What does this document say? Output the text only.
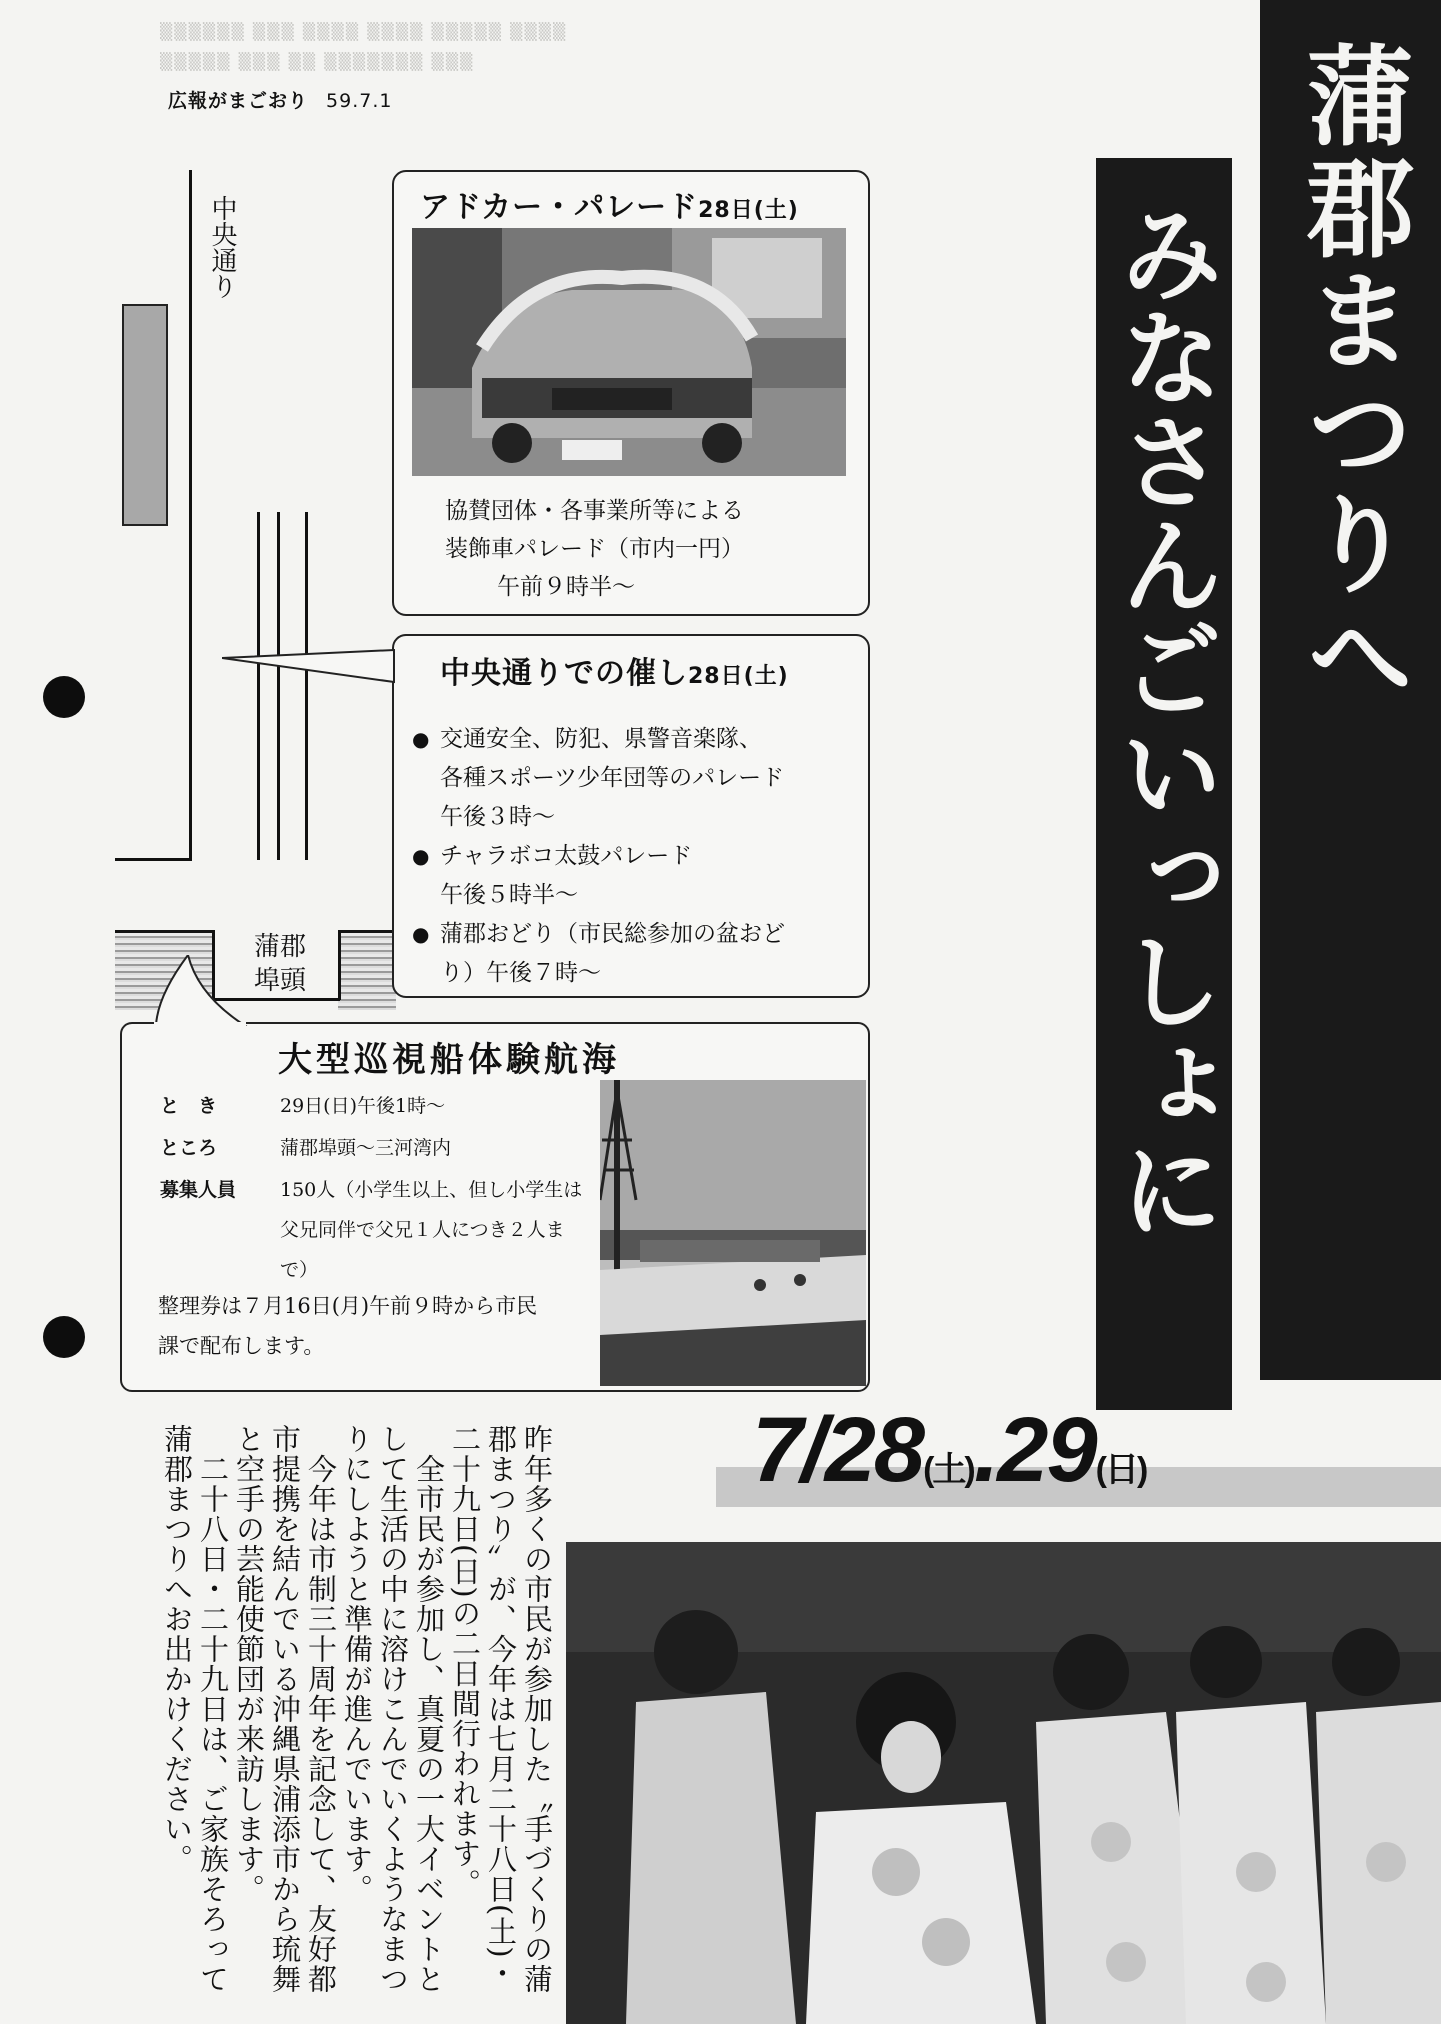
▒▒▒▒▒▒ ▒▒▒ ▒▒▒▒ ▒▒▒▒ ▒▒▒▒▒ ▒▒▒▒
▒▒▒▒▒ ▒▒▒ ▒▒ ▒▒▒▒▒▒▒ ▒▒▒
広報がまごおり 59.7.1
中央通り
蒲郡
埠頭
アドカー・パレード28日(土)
協賛団体・各事業所等による
装飾車パレード（市内一円）
午前９時半～
中央通りでの催し28日(土)
● 交通安全、防犯、県警音楽隊、
各種スポーツ少年団等のパレード
午後３時～
● チャラボコ太鼓パレード
午後５時半～
● 蒲郡おどり（市民総参加の盆おど
り）午後７時～
大型巡視船体験航海
と　き	29日(日)午後1時～
ところ	蒲郡埠頭～三河湾内
募集人員	150人（小学生以上、但し小学生は父兄同伴で父兄１人につき２人まで）
整理券は７月16日(月)午前９時から市民
課で配布します。
蒲郡まつりへ
みなさんごいっしょに
7/28(土).29(日)
昨年多くの市民が参加した〝手づくりの蒲郡まつり〟が、今年は七月二十八日(土)・二十九日(日)の二日間行われます。
　全市民が参加し、真夏の一大イベントとして生活の中に溶けこんでいくようなまつりにしようと準備が進んでいます。
　今年は市制三十周年を記念して、友好都市提携を結んでいる沖縄県浦添市から琉舞と空手の芸能使節団が来訪します。
　二十八日・二十九日は、ご家族そろって蒲郡まつりへお出かけください。
